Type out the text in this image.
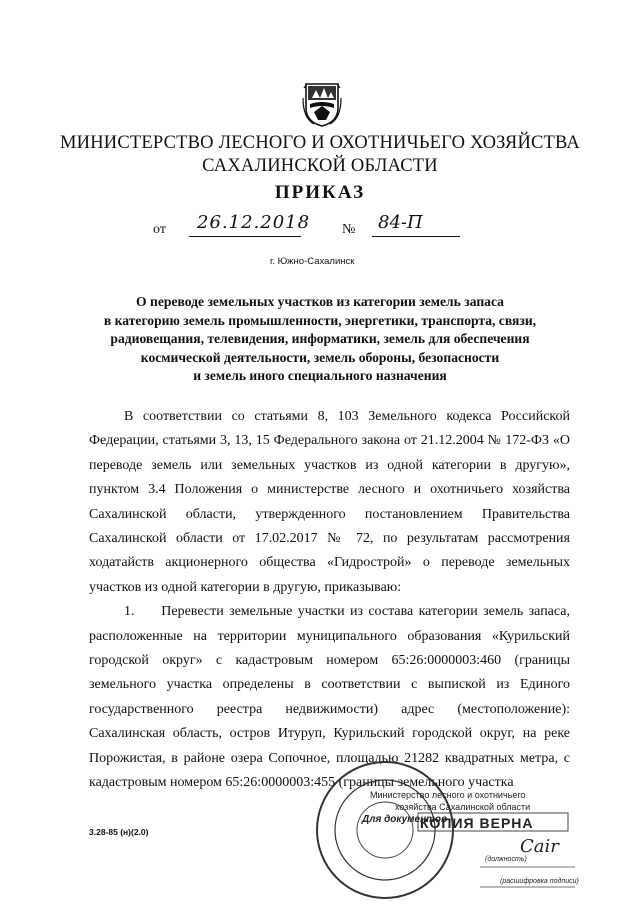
МИНИСТЕРСТВО ЛЕСНОГО И ОХОТНИЧЬЕГО ХОЗЯЙСТВА
САХАЛИНСКОЙ ОБЛАСТИ
ПРИКАЗ
от 26.12.2018 № 84-П
г. Южно-Сахалинск
О переводе земельных участков из категории земель запаса
в категорию земель промышленности, энергетики, транспорта, связи,
радиовещания, телевидения, информатики, земель для обеспечения
космической деятельности, земель обороны, безопасности
и земель иного специального назначения

В соответствии со статьями 8, 103 Земельного кодекса Российской Федерации, статьями 3, 13, 15 Федерального закона от 21.12.2004 № 172-ФЗ «О переводе земель или земельных участков из одной категории в другую», пунктом 3.4 Положения о министерстве лесного и охотничьего хозяйства Сахалинской области, утвержденного постановлением Правительства Сахалинской области от 17.02.2017 № 72, по результатам рассмотрения ходатайств акционерного общества «Гидрострой» о переводе земельных участков из одной категории в другую, приказываю:

1.     Перевести земельные участки из состава категории земель запаса, расположенные на территории муниципального образования «Курильский городской округ» с кадастровым номером 65:26:0000003:460 (границы земельного участка определены в соответствии с выпиской из Единого государственного реестра недвижимости) адрес (местоположение): Сахалинская область, остров Итуруп, Курильский городской округ, на реке Порожистая, в районе озера Сопочное, площадью 21282 квадратных метра, с кадастровым номером 65:26:0000003:455 (границы земельного участка

3.28-85 (н)(2.0)
Министерство лесного и охотничьего
хозяйства Сахалинской области
Для документов
КОПИЯ ВЕРНА
(должность)
(расшифровка подписи)
Cair
